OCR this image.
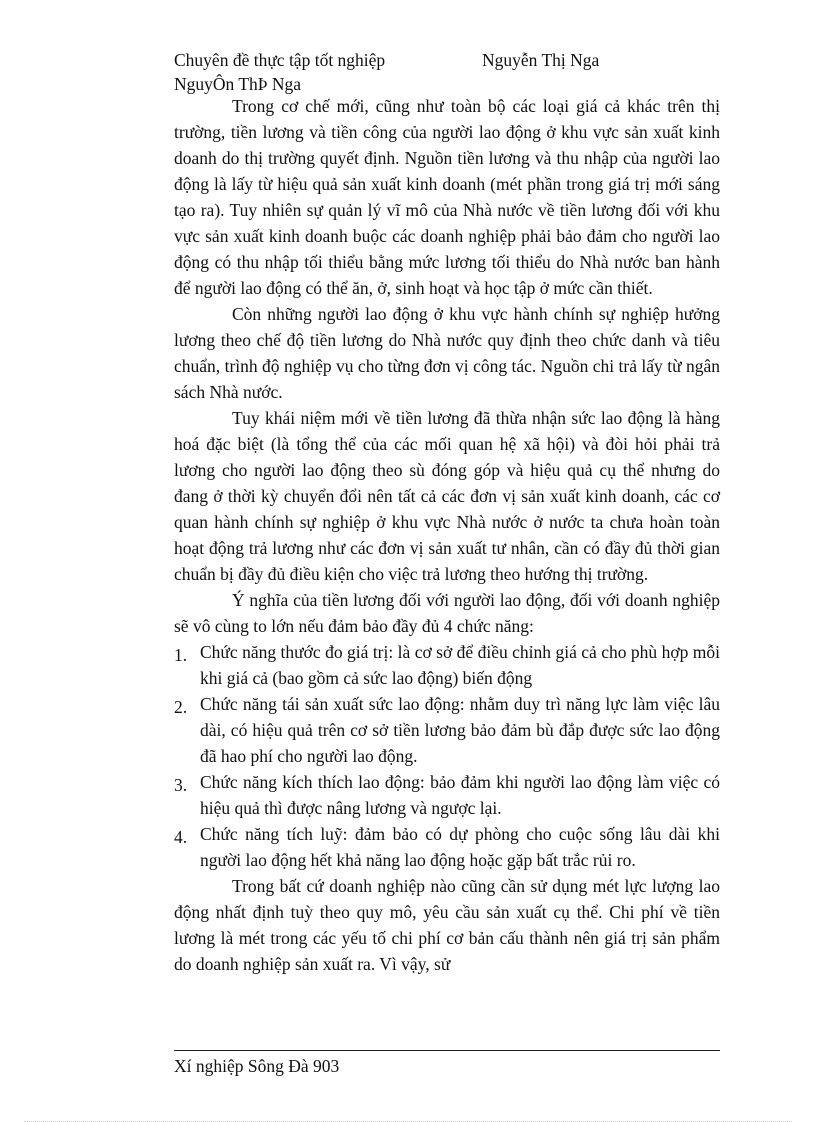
Chuyên đề thực tập tốt nghiệp	Nguyễn Thị Nga
NguyÔn ThÞ Nga

Trong cơ chế mới, cũng như toàn bộ các loại giá cả khác trên thị trường, tiền lương và tiền công của người lao động ở khu vực sản xuất kinh doanh do thị trường quyết định. Nguồn tiền lương và thu nhập của người lao động là lấy từ hiệu quả sản xuất kinh doanh (mét phần trong giá trị mới sáng tạo ra). Tuy nhiên sự quản lý vĩ mô của Nhà nước về tiền lương đối với khu vực sản xuất kinh doanh buộc các doanh nghiệp phải bảo đảm cho người lao động có thu nhập tối thiểu bằng mức lương tối thiểu do Nhà nước ban hành để người lao động có thể ăn, ở, sinh hoạt và học tập ở mức cần thiết.

Còn những người lao động ở khu vực hành chính sự nghiệp hưởng lương theo chế độ tiền lương do Nhà nước quy định theo chức danh và tiêu chuẩn, trình độ nghiệp vụ cho từng đơn vị công tác. Nguồn chi trả lấy từ ngân sách Nhà nước.

Tuy khái niệm mới về tiền lương đã thừa nhận sức lao động là hàng hoá đặc biệt (là tổng thể của các mối quan hệ xã hội) và đòi hỏi phải trả lương cho người lao động theo sù đóng góp và hiệu quả cụ thể nhưng do đang ở thời kỳ chuyển đổi nên tất cả các đơn vị sản xuất kinh doanh, các cơ quan hành chính sự nghiệp ở khu vực Nhà nước ở nước ta chưa hoàn toàn hoạt động trả lương như các đơn vị sản xuất tư nhân, cần có đầy đủ thời gian chuẩn bị đầy đủ điều kiện cho việc trả lương theo hướng thị trường.

Ý nghĩa của tiền lương đối với người lao động, đối với doanh nghiệp sẽ vô cùng to lớn nếu đảm bảo đầy đủ 4 chức năng:

1. Chức năng thước đo giá trị: là cơ sở để điều chỉnh giá cả cho phù hợp mỗi khi giá cả (bao gồm cả sức lao động) biến động
2. Chức năng tái sản xuất sức lao động: nhằm duy trì năng lực làm việc lâu dài, có hiệu quả trên cơ sở tiền lương bảo đảm bù đắp được sức lao động đã hao phí cho người lao động.
3. Chức năng kích thích lao động: bảo đảm khi người lao động làm việc có hiệu quả thì được nâng lương và ngược lại.
4. Chức năng tích luỹ: đảm bảo có dự phòng cho cuộc sống lâu dài khi người lao động hết khả năng lao động hoặc gặp bất trắc rủi ro.

Trong bất cứ doanh nghiệp nào cũng cần sử dụng mét lực lượng lao động nhất định tuỳ theo quy mô, yêu cầu sản xuất cụ thể. Chi phí về tiền lương là mét trong các yếu tố chi phí cơ bản cấu thành nên giá trị sản phẩm do doanh nghiệp sản xuất ra. Vì vậy, sử

Xí nghiệp Sông Đà 903
